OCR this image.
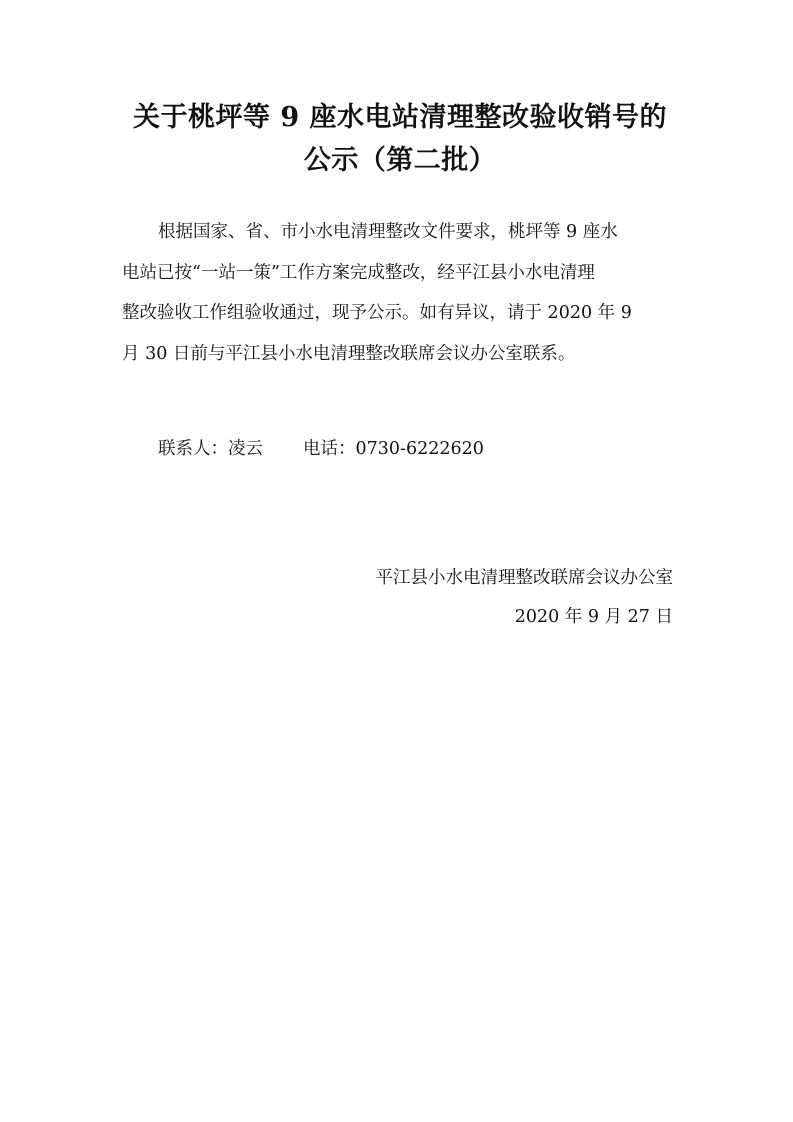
关于桃坪等 9 座水电站清理整改验收销号的
公示（第二批）

根据国家、省、市小水电清理整改文件要求，桃坪等 9 座水
电站已按“一站一策”工作方案完成整改，经平江县小水电清理
整改验收工作组验收通过，现予公示。如有异议，请于 2020 年 9
月 30 日前与平江县小水电清理整改联席会议办公室联系。

联系人：凌云 电话：0730-6222620

平江县小水电清理整改联席会议办公室

2020 年 9 月 27 日
